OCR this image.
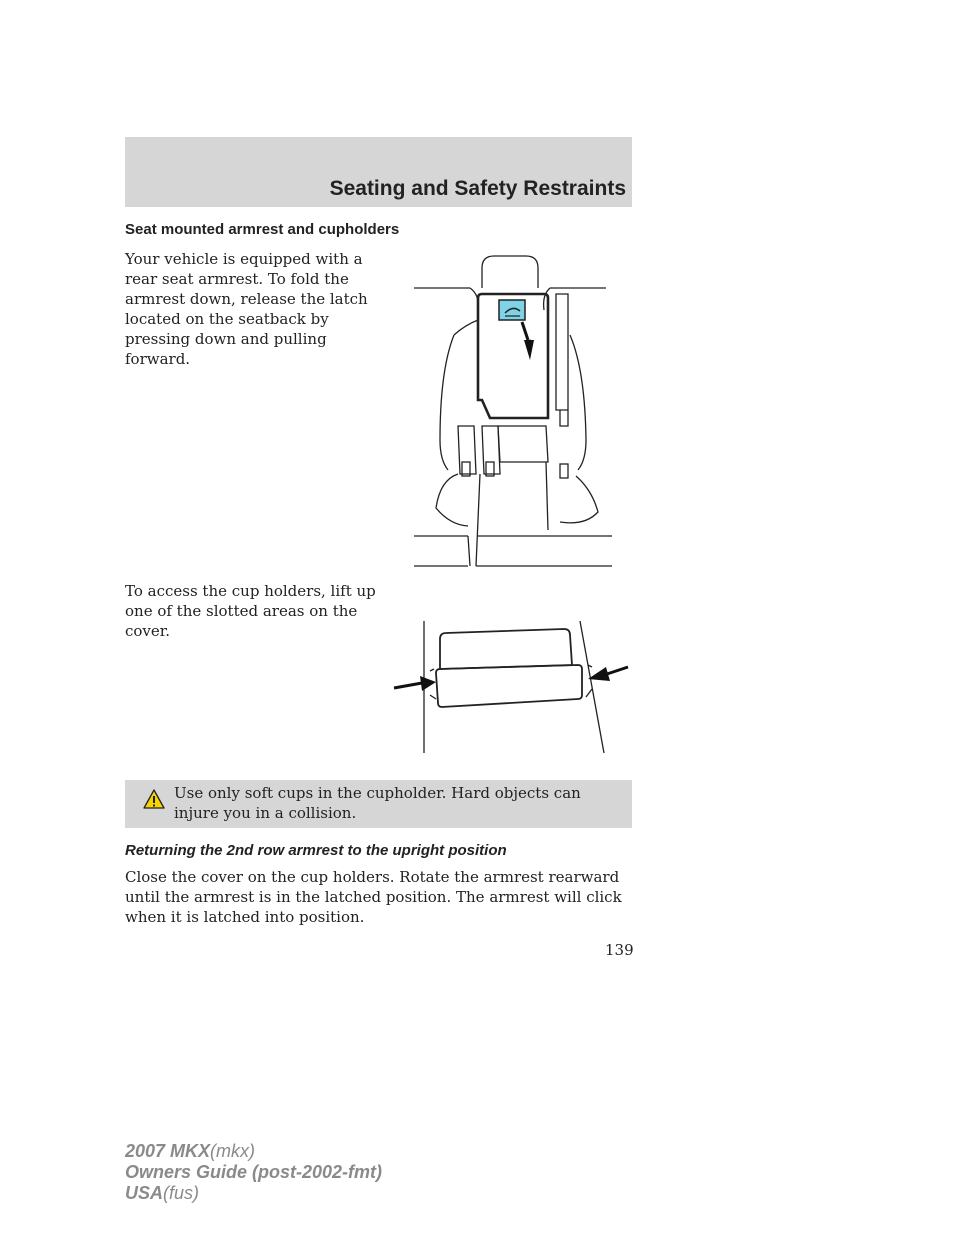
Seating and Safety Restraints
Seat mounted armrest and cupholders
Your vehicle is equipped with a rear seat armrest. To fold the armrest down, release the latch located on the seatback by pressing down and pulling forward.
To access the cup holders, lift up one of the slotted areas on the cover.
Use only soft cups in the cupholder. Hard objects can injure you in a collision.
Returning the 2nd row armrest to the upright position
Close the cover on the cup holders. Rotate the armrest rearward until the armrest is in the latched position. The armrest will click when it is latched into position.
139
2007 MKX(mkx)
Owners Guide (post-2002-fmt)
USA(fus)
